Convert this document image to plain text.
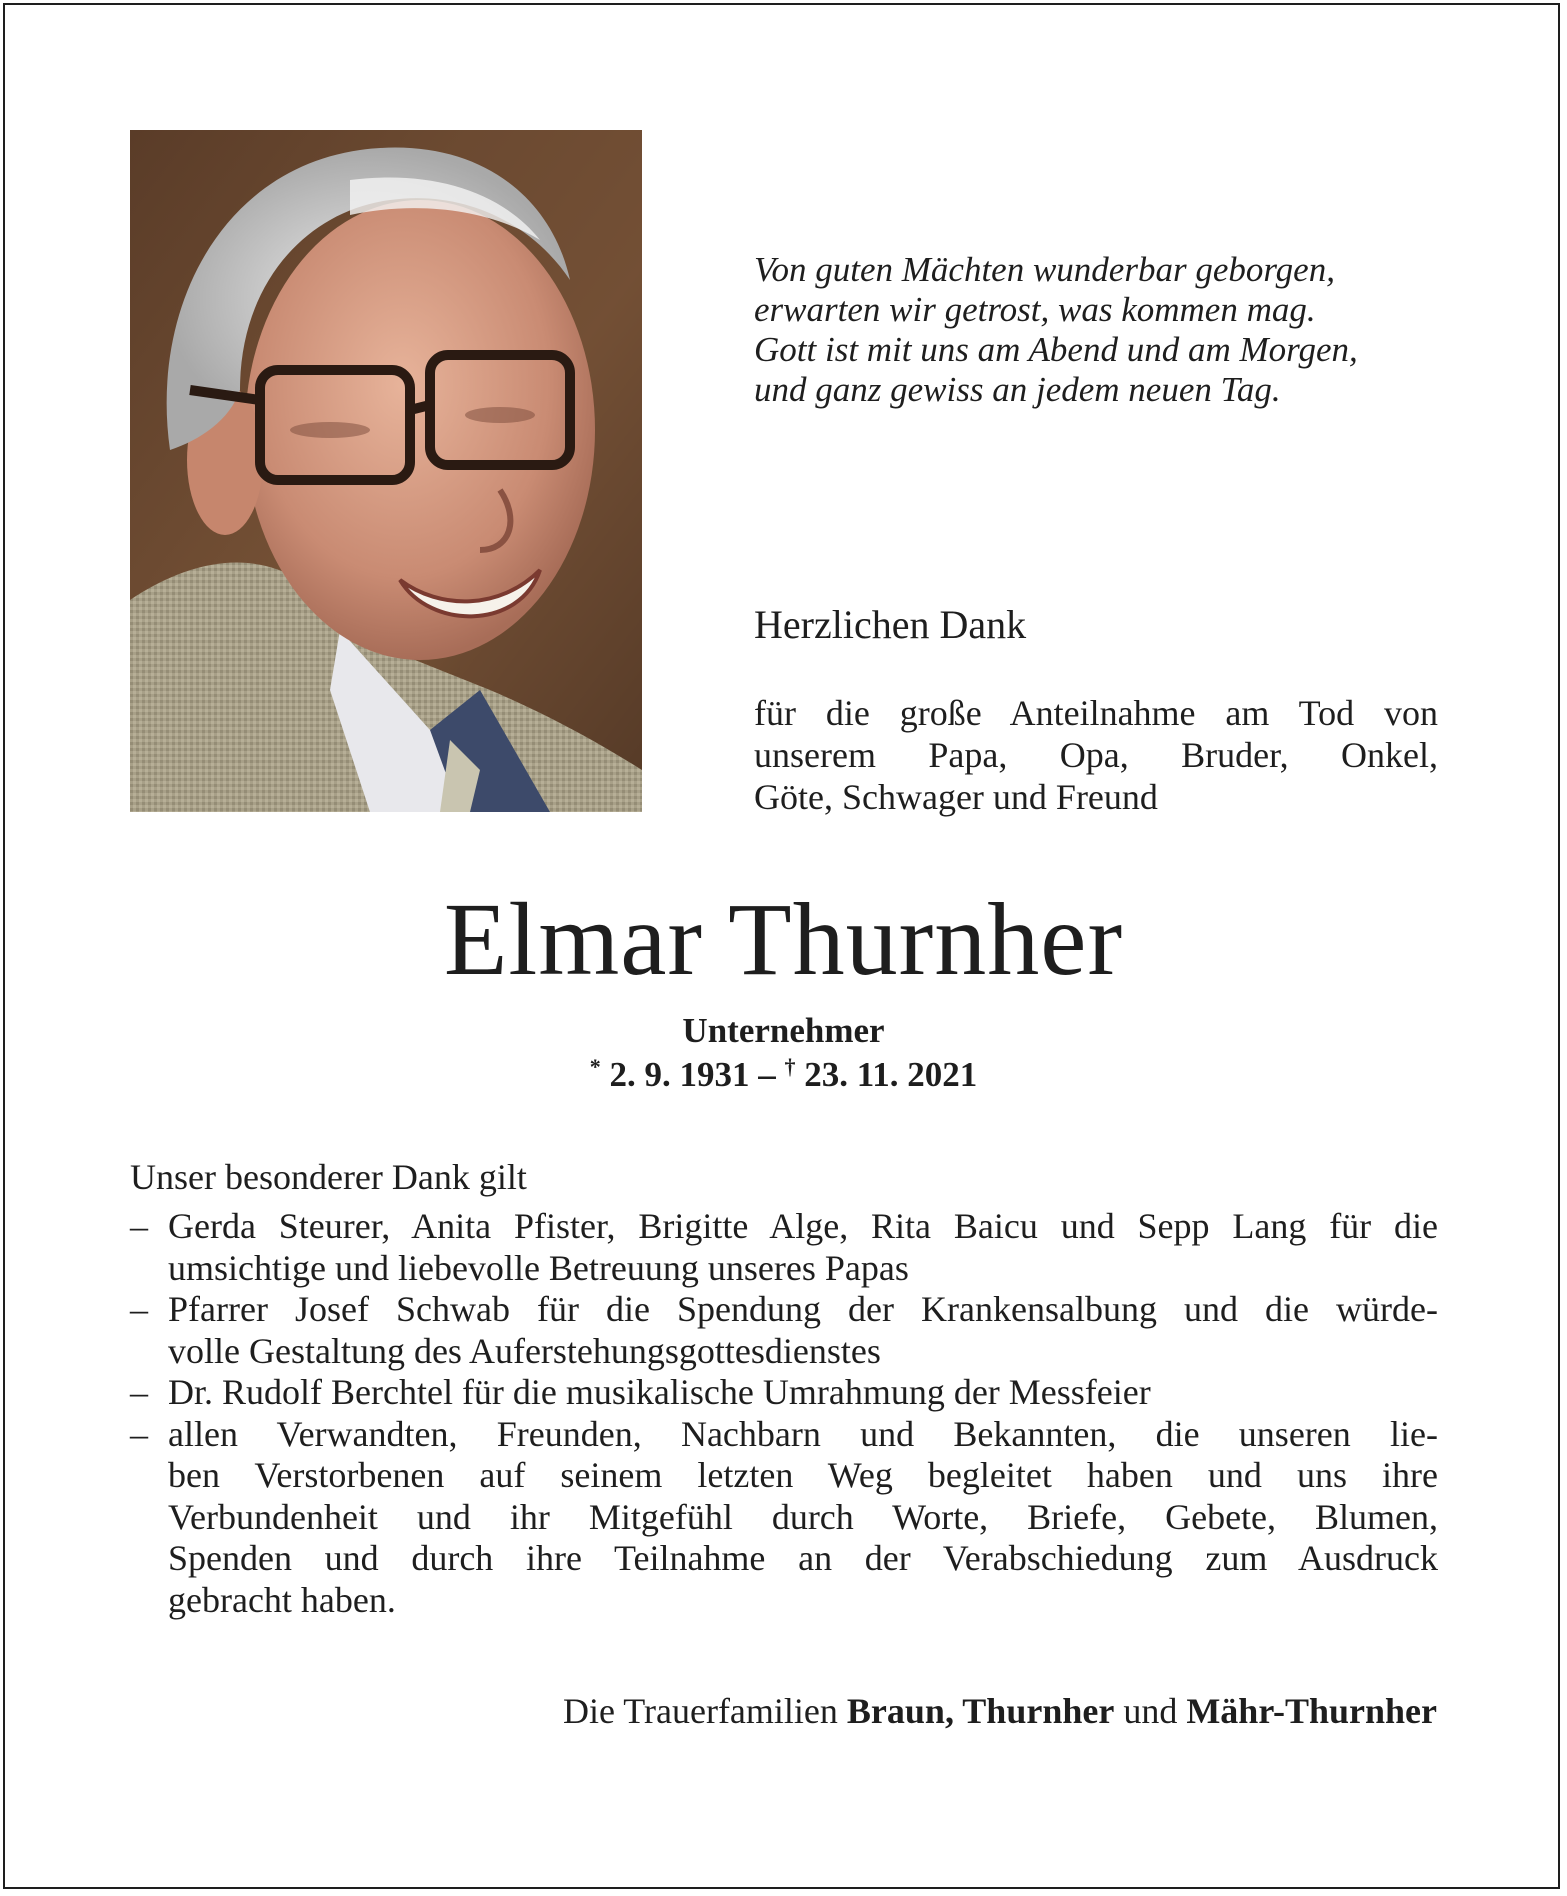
Von guten Mächten wunderbar geborgen,
erwarten wir getrost, was kommen mag.
Gott ist mit uns am Abend und am Morgen,
und ganz gewiss an jedem neuen Tag.
Herzlichen Dank
für die große Anteilnahme am Tod von
unserem Papa, Opa, Bruder, Onkel,
Göte, Schwager und Freund
Elmar Thurnher
Unternehmer
* 2. 9. 1931 – † 23. 11. 2021
Unser besonderer Dank gilt
– Gerda Steurer, Anita Pfister, Brigitte Alge, Rita Baicu und Sepp Lang für die
umsichtige und liebevolle Betreuung unseres Papas
– Pfarrer Josef Schwab für die Spendung der Krankensalbung und die würde-
volle Gestaltung des Auferstehungsgottesdienstes
– Dr. Rudolf Berchtel für die musikalische Umrahmung der Messfeier
– allen Verwandten, Freunden, Nachbarn und Bekannten, die unseren lie-
ben Verstorbenen auf seinem letzten Weg begleitet haben und uns ihre
Verbundenheit und ihr Mitgefühl durch Worte, Briefe, Gebete, Blumen,
Spenden und durch ihre Teilnahme an der Verabschiedung zum Ausdruck
gebracht haben.
Die Trauerfamilien Braun, Thurnher und Mähr-Thurnher
